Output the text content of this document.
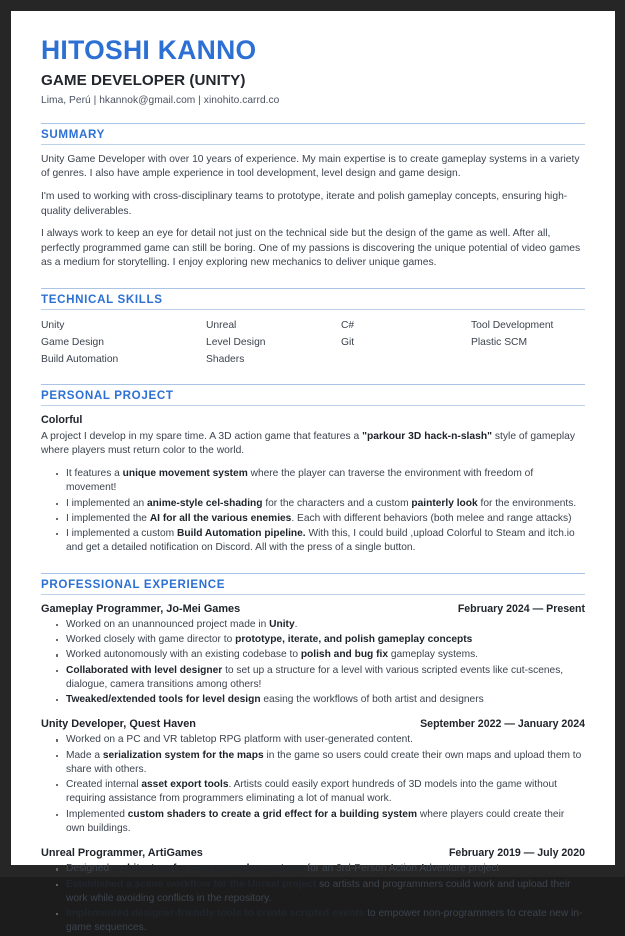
HITOSHI KANNO
GAME DEVELOPER (UNITY)
Lima, Perú | hkannok@gmail.com | xinohito.carrd.co
SUMMARY

Unity Game Developer with over 10 years of experience. My main expertise is to create gameplay systems in a variety of genres. I also have ample experience in tool development, level design and game design.

I'm used to working with cross-disciplinary teams to prototype, iterate and polish gameplay concepts, ensuring high-quality deliverables.

I always work to keep an eye for detail not just on the technical side but the design of the game as well. After all, perfectly programmed game can still be boring. One of my passions is discovering the unique potential of video games as a medium for storytelling. I enjoy exploring new mechanics to deliver unique games.

TECHNICAL SKILLS
Unity	Unreal	C#	Tool Development
Game Design	Level Design	Git	Plastic SCM
Build Automation	Shaders
PERSONAL PROJECT
Colorful

A project I develop in my spare time. A 3D action game that features a "parkour 3D hack-n-slash" style of gameplay where players must return color to the world.

It features a unique movement system where the player can traverse the environment with freedom of movement!
I implemented an anime-style cel-shading for the characters and a custom painterly look for the environments.
I implemented the AI for all the various enemies. Each with different behaviors (both melee and range attacks)
I implemented a custom Build Automation pipeline. With this, I could build ,upload Colorful to Steam and itch.io and get a detailed notification on Discord. All with the press of a single button.
PROFESSIONAL EXPERIENCE
Gameplay Programmer, Jo-Mei Games	February 2024 — Present
Worked on an unannounced project made in Unity.
Worked closely with game director to prototype, iterate, and polish gameplay concepts
Worked autonomously with an existing codebase to polish and bug fix gameplay systems.
Collaborated with level designer to set up a structure for a level with various scripted events like cut-scenes, dialogue, camera transitions among others!
Tweaked/extended tools for level design easing the workflows of both artist and designers
Unity Developer, Quest Haven	September 2022 — January 2024
Worked on a PC and VR tabletop RPG platform with user-generated content.
Made a serialization system for the maps in the game so users could create their own maps and upload them to share with others.
Created internal asset export tools. Artists could easily export hundreds of 3D models into the game without requiring assistance from programmers eliminating a lot of manual work.
Implemented custom shaders to create a grid effect for a building system where players could create their own buildings.
Unreal Programmer, ArtiGames	February 2019 — July 2020
Designed architecture for core gameplay systems for an 3rd-Person Action Adventure project
Established a scene workflow for the Unreal project so artists and programmers could work and upload their work while avoiding conflicts in the repository.
Implemented designer-friendly tools to create scripted events to empower non-programmers to create new in-game sequences.
